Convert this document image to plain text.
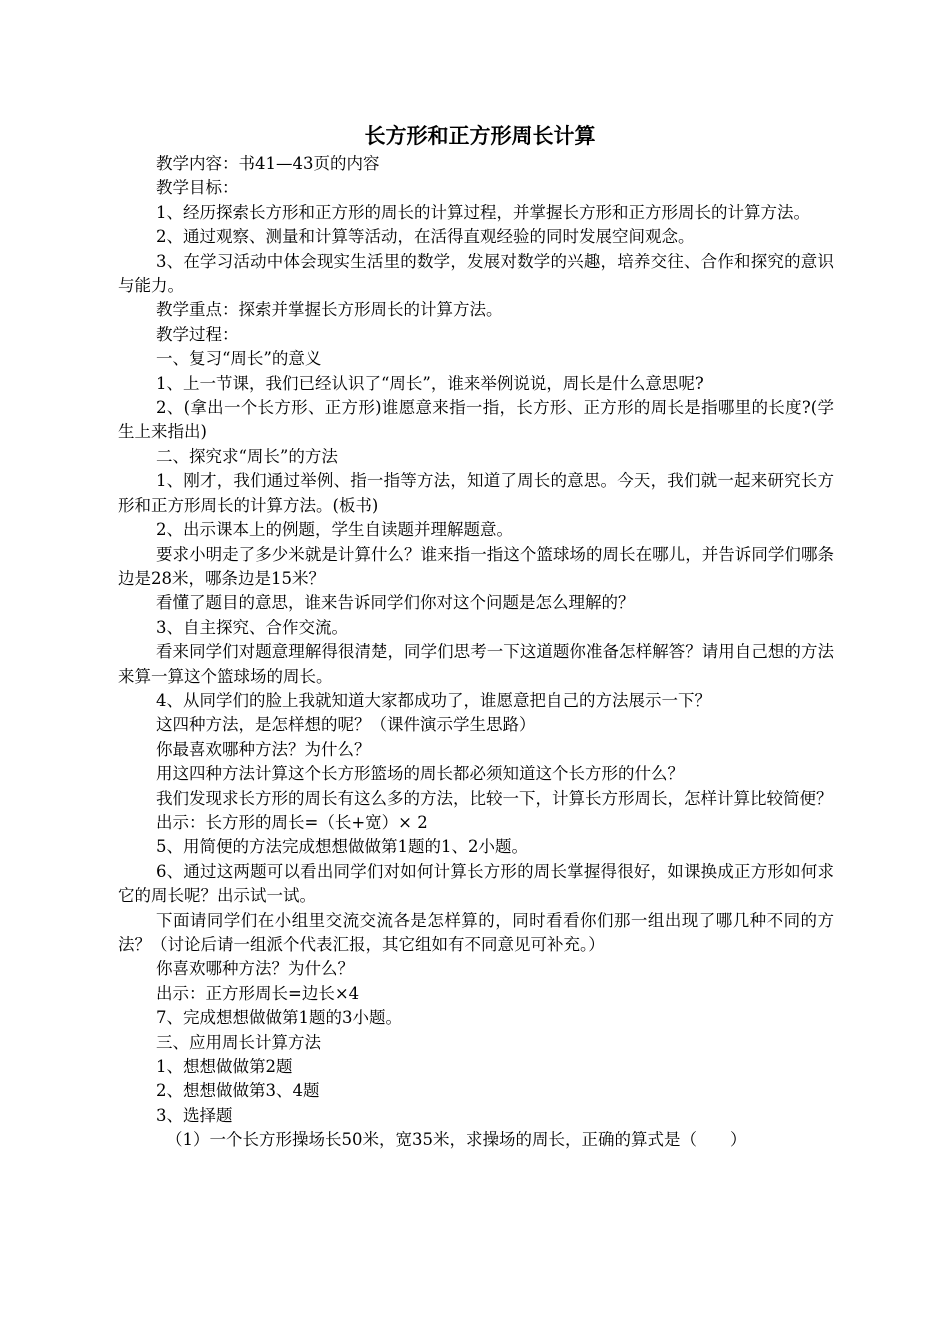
长方形和正方形周长计算

教学内容：书41—43页的内容

教学目标：

1、经历探索长方形和正方形的周长的计算过程，并掌握长方形和正方形周长的计算方法。

2、通过观察、测量和计算等活动，在活得直观经验的同时发展空间观念。

3、在学习活动中体会现实生活里的数学，发展对数学的兴趣，培养交往、合作和探究的意识与能力。

教学重点：探索并掌握长方形周长的计算方法。

教学过程：

一、复习“周长”的意义

1、上一节课，我们已经认识了“周长”，谁来举例说说，周长是什么意思呢?

2、(拿出一个长方形、正方形)谁愿意来指一指，长方形、正方形的周长是指哪里的长度?(学生上来指出)

二、探究求“周长”的方法

1、刚才，我们通过举例、指一指等方法，知道了周长的意思。今天，我们就一起来研究长方形和正方形周长的计算方法。(板书)

2、出示课本上的例题，学生自读题并理解题意。

要求小明走了多少米就是计算什么？谁来指一指这个篮球场的周长在哪儿，并告诉同学们哪条边是28米，哪条边是15米？

看懂了题目的意思，谁来告诉同学们你对这个问题是怎么理解的？

3、自主探究、合作交流。

看来同学们对题意理解得很清楚，同学们思考一下这道题你准备怎样解答？请用自己想的方法来算一算这个篮球场的周长。

4、从同学们的脸上我就知道大家都成功了，谁愿意把自己的方法展示一下？

这四种方法，是怎样想的呢？（课件演示学生思路）

你最喜欢哪种方法？为什么？

用这四种方法计算这个长方形篮场的周长都必须知道这个长方形的什么？

我们发现求长方形的周长有这么多的方法，比较一下，计算长方形周长，怎样计算比较简便？

出示：长方形的周长=（长+宽）× 2

5、用简便的方法完成想想做做第1题的1、2小题。

6、通过这两题可以看出同学们对如何计算长方形的周长掌握得很好，如课换成正方形如何求它的周长呢？出示试一试。

下面请同学们在小组里交流交流各是怎样算的，同时看看你们那一组出现了哪几种不同的方法？（讨论后请一组派个代表汇报，其它组如有不同意见可补充。）

你喜欢哪种方法？为什么？

出示：正方形周长=边长×4

7、完成想想做做第1题的3小题。

三、应用周长计算方法

1、想想做做第2题

2、想想做做第3、4题

3、选择题

（1）一个长方形操场长50米，宽35米，求操场的周长，正确的算式是（　　）
